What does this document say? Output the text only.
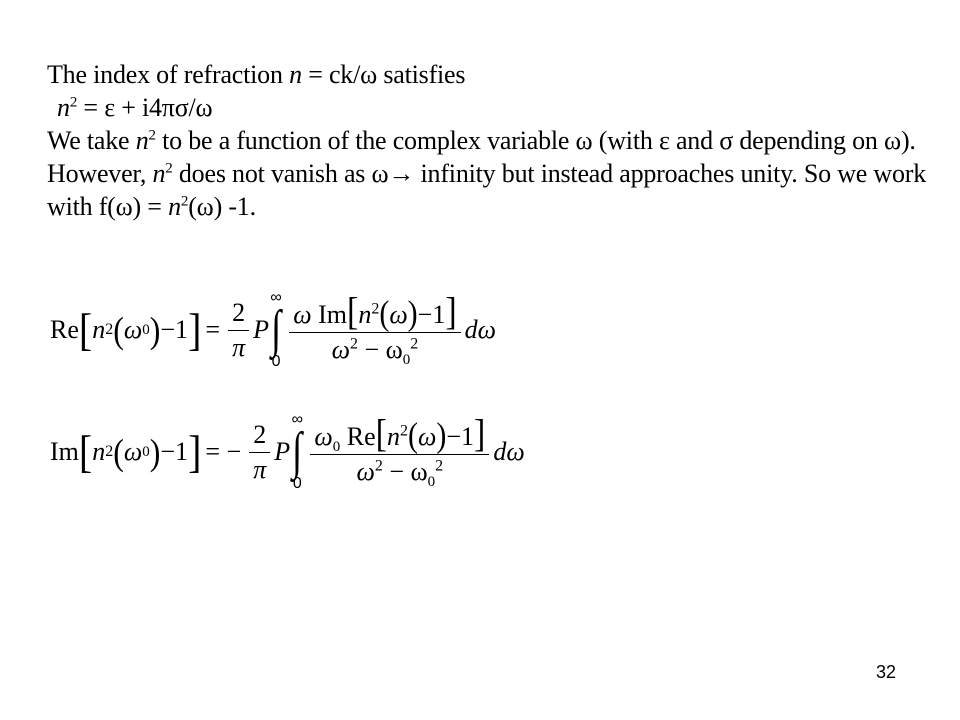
The index of refraction n = ck/ω satisfies
$n^2 = \varepsilon + i4\pi\sigma/\omega$
We take $n^2$ to be a function of the complex variable ω (with ε and σ depending on ω).
However, $n^2$ does not vanish as ω→ infinity but instead approaches unity. So we work
with $f(\omega) = n^2(\omega)$ -1.
Re [ n 2 ( ω 0 ) −1 ] = $\frac{2}{\pi}$ P
∞
∫
$0 \frac{\omega Im[n^2(\omega)-1]}{\omega^2 - \omega_0^2}$ dω
Im [ n 2 ( ω 0 ) −1 ] = − $\frac{2}{\pi}$ P
∞
∫
$0 \frac{\omega_0 Re[n^2(\omega)-1]}{\omega^2 - \omega_0^2}$ dω
32
